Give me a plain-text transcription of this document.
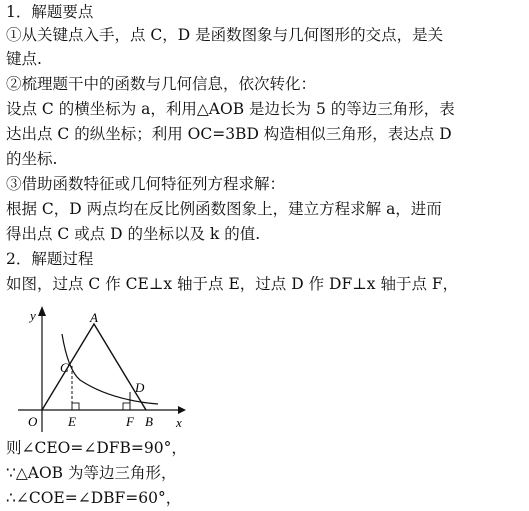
1．解题要点
①从关键点入手，点 C，D 是函数图象与几何图形的交点，是关
键点.
②梳理题干中的函数与几何信息，依次转化：
设点 C 的横坐标为 a，利用△AOB 是边长为 5 的等边三角形，表
达出点 C 的纵坐标；利用 OC=3BD 构造相似三角形，表达点 D
的坐标.
③借助函数特征或几何特征列方程求解：
根据 C，D 两点均在反比例函数图象上，建立方程求解 a，进而
得出点 C 或点 D 的坐标以及 k 的值.
2．解题过程
如图，过点 C 作 CE⊥x 轴于点 E，过点 D 作 DF⊥x 轴于点 F，
y
x
A
B
C
D
E	F
O
则∠CEO=∠DFB=90°，
∵△AOB 为等边三角形，
∴∠COE=∠DBF=60°，
